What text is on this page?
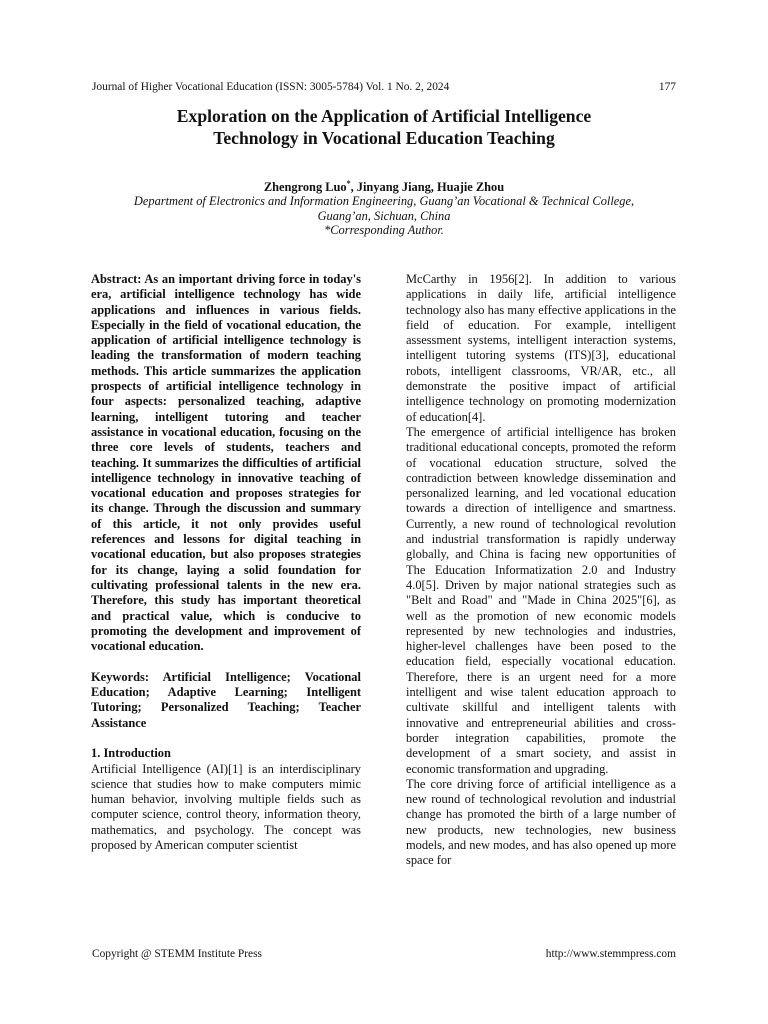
Journal of Higher Vocational Education (ISSN: 3005-5784) Vol. 1 No. 2, 2024	177
Exploration on the Application of Artificial Intelligence
Technology in Vocational Education Teaching
Zhengrong Luo*, Jinyang Jiang, Huajie Zhou
Department of Electronics and Information Engineering, Guang’an Vocational & Technical College,
Guang’an, Sichuan, China
*Corresponding Author.

Abstract: As an important driving force in today's era, artificial intelligence technology has wide applications and influences in various fields. Especially in the field of vocational education, the application of artificial intelligence technology is leading the transformation of modern teaching methods. This article summarizes the application prospects of artificial intelligence technology in four aspects: personalized teaching, adaptive learning, intelligent tutoring and teacher assistance in vocational education, focusing on the three core levels of students, teachers and teaching. It summarizes the difficulties of artificial intelligence technology in innovative teaching of vocational education and proposes strategies for its change. Through the discussion and summary of this article, it not only provides useful references and lessons for digital teaching in vocational education, but also proposes strategies for its change, laying a solid foundation for cultivating professional talents in the new era. Therefore, this study has important theoretical and practical value, which is conducive to promoting the development and improvement of vocational education.

Keywords: Artificial Intelligence; Vocational Education; Adaptive Learning; Intelligent Tutoring; Personalized Teaching; Teacher Assistance

1. Introduction

Artificial Intelligence (AI)[1] is an interdisciplinary science that studies how to make computers mimic human behavior, involving multiple fields such as computer science, control theory, information theory, mathematics, and psychology. The concept was proposed by American computer scientist

McCarthy in 1956[2]. In addition to various applications in daily life, artificial intelligence technology also has many effective applications in the field of education. For example, intelligent assessment systems, intelligent interaction systems, intelligent tutoring systems (ITS)[3], educational robots, intelligent classrooms, VR/AR, etc., all demonstrate the positive impact of artificial intelligence technology on promoting modernization of education[4].

The emergence of artificial intelligence has broken traditional educational concepts, promoted the reform of vocational education structure, solved the contradiction between knowledge dissemination and personalized learning, and led vocational education towards a direction of intelligence and smartness. Currently, a new round of technological revolution and industrial transformation is rapidly underway globally, and China is facing new opportunities of The Education Informatization 2.0 and Industry 4.0[5]. Driven by major national strategies such as "Belt and Road" and "Made in China 2025"[6], as well as the promotion of new economic models represented by new technologies and industries, higher-level challenges have been posed to the education field, especially vocational education. Therefore, there is an urgent need for a more intelligent and wise talent education approach to cultivate skillful and intelligent talents with innovative and entrepreneurial abilities and cross-border integration capabilities, promote the development of a smart society, and assist in economic transformation and upgrading.

The core driving force of artificial intelligence as a new round of technological revolution and industrial change has promoted the birth of a large number of new products, new technologies, new business models, and new modes, and has also opened up more space for

Copyright @ STEMM Institute Press	http://www.stemmpress.com
